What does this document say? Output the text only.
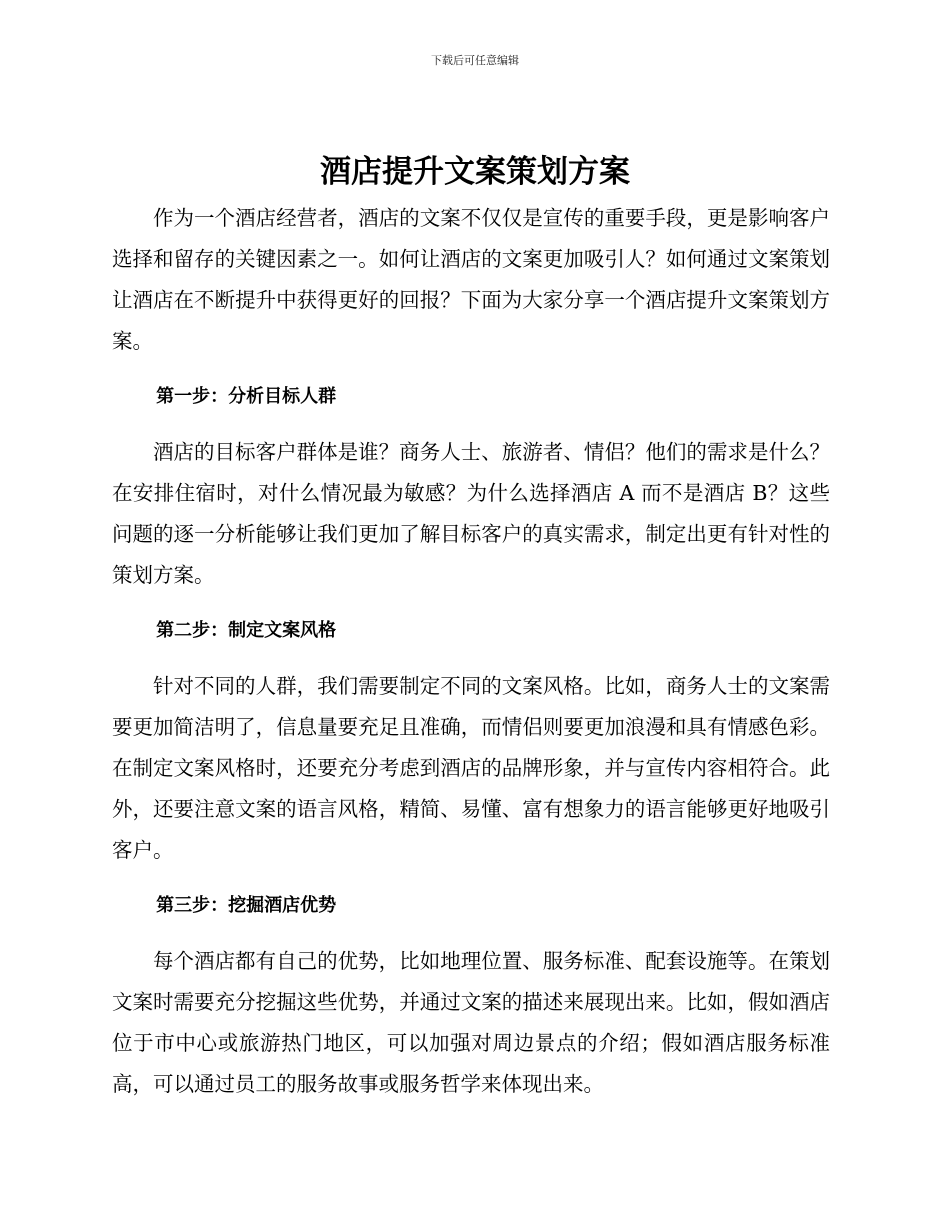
下载后可任意编辑
酒店提升文案策划方案

作为一个酒店经营者，酒店的文案不仅仅是宣传的重要手段，更是影响客户选择和留存的关键因素之一。如何让酒店的文案更加吸引人？如何通过文案策划让酒店在不断提升中获得更好的回报？下面为大家分享一个酒店提升文案策划方案。

第一步：分析目标人群

酒店的目标客户群体是谁？商务人士、旅游者、情侣？他们的需求是什么？在安排住宿时，对什么情况最为敏感？为什么选择酒店 A 而不是酒店 B？这些问题的逐一分析能够让我们更加了解目标客户的真实需求，制定出更有针对性的策划方案。

第二步：制定文案风格

针对不同的人群，我们需要制定不同的文案风格。比如，商务人士的文案需要更加简洁明了，信息量要充足且准确，而情侣则要更加浪漫和具有情感色彩。在制定文案风格时，还要充分考虑到酒店的品牌形象，并与宣传内容相符合。此外，还要注意文案的语言风格，精简、易懂、富有想象力的语言能够更好地吸引客户。

第三步：挖掘酒店优势

每个酒店都有自己的优势，比如地理位置、服务标准、配套设施等。在策划文案时需要充分挖掘这些优势，并通过文案的描述来展现出来。比如，假如酒店位于市中心或旅游热门地区，可以加强对周边景点的介绍；假如酒店服务标准高，可以通过员工的服务故事或服务哲学来体现出来。
